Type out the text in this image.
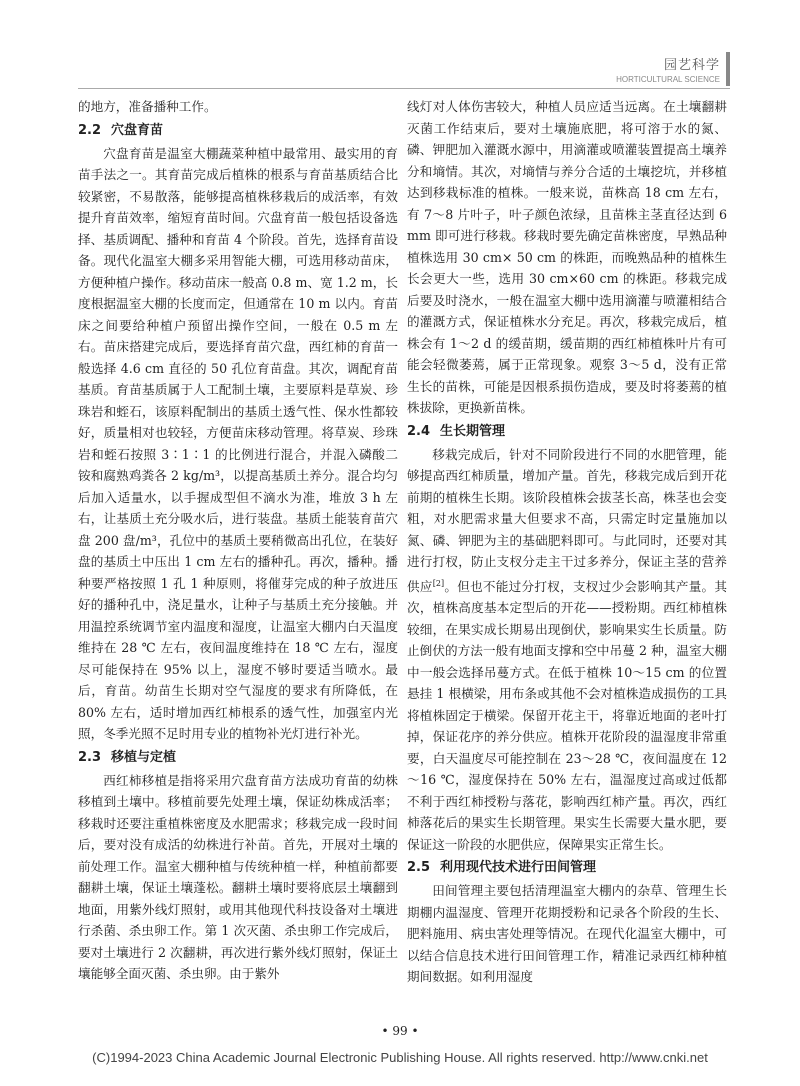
园艺科学
HORTICULTURAL SCIENCE

的地方，准备播种工作。

2.2 穴盘育苗

穴盘育苗是温室大棚蔬菜种植中最常用、最实用的育苗手法之一。其育苗完成后植株的根系与育苗基质结合比较紧密，不易散落，能够提高植株移栽后的成活率，有效提升育苗效率，缩短育苗时间。穴盘育苗一般包括设备选择、基质调配、播种和育苗 4 个阶段。首先，选择育苗设备。现代化温室大棚多采用智能大棚，可选用移动苗床，方便种植户操作。移动苗床一般高 0.8 m、宽 1.2 m，长度根据温室大棚的长度而定，但通常在 10 m 以内。育苗床之间要给种植户预留出操作空间，一般在 0.5 m 左右。苗床搭建完成后，要选择育苗穴盘，西红柿的育苗一般选择 4.6 cm 直径的 50 孔位育苗盘。其次，调配育苗基质。育苗基质属于人工配制土壤，主要原料是草炭、珍珠岩和蛭石，该原料配制出的基质土透气性、保水性都较好，质量相对也较轻，方便苗床移动管理。将草炭、珍珠岩和蛭石按照 3∶1∶1 的比例进行混合，并混入磷酸二铵和腐熟鸡粪各 2 kg/m³，以提高基质土养分。混合均匀后加入适量水，以手握成型但不滴水为准，堆放 3 h 左右，让基质土充分吸水后，进行装盘。基质土能装育苗穴盘 200 盘/m³，孔位中的基质土要稍微高出孔位，在装好盘的基质土中压出 1 cm 左右的播种孔。再次，播种。播种要严格按照 1 孔 1 种原则，将催芽完成的种子放进压好的播种孔中，浇足量水，让种子与基质土充分接触。并用温控系统调节室内温度和湿度，让温室大棚内白天温度维持在 28 ℃ 左右，夜间温度维持在 18 ℃ 左右，湿度尽可能保持在 95% 以上，湿度不够时要适当喷水。最后，育苗。幼苗生长期对空气湿度的要求有所降低，在 80% 左右，适时增加西红柿根系的透气性，加强室内光照，冬季光照不足时用专业的植物补光灯进行补光。

2.3 移植与定植

西红柿移植是指将采用穴盘育苗方法成功育苗的幼株移植到土壤中。移植前要先处理土壤，保证幼株成活率；移栽时还要注重植株密度及水肥需求；移栽完成一段时间后，要对没有成活的幼株进行补苗。首先，开展对土壤的前处理工作。温室大棚种植与传统种植一样，种植前都要翻耕土壤，保证土壤蓬松。翻耕土壤时要将底层土壤翻到地面，用紫外线灯照射，或用其他现代科技设备对土壤进行杀菌、杀虫卵工作。第 1 次灭菌、杀虫卵工作完成后，要对土壤进行 2 次翻耕，再次进行紫外线灯照射，保证土壤能够全面灭菌、杀虫卵。由于紫外

线灯对人体伤害较大，种植人员应适当远离。在土壤翻耕灭菌工作结束后，要对土壤施底肥，将可溶于水的氮、磷、钾肥加入灌溉水源中，用滴灌或喷灌装置提高土壤养分和墒情。其次，对墒情与养分合适的土壤挖坑，并移植达到移栽标准的植株。一般来说，苗株高 18 cm 左右，有 7～8 片叶子，叶子颜色浓绿，且苗株主茎直径达到 6 mm 即可进行移栽。移栽时要先确定苗株密度，早熟品种植株选用 30 cm× 50 cm 的株距，而晚熟品种的植株生长会更大一些，选用 30 cm×60 cm 的株距。移栽完成后要及时浇水，一般在温室大棚中选用滴灌与喷灌相结合的灌溉方式，保证植株水分充足。再次，移栽完成后，植株会有 1～2 d 的缓苗期，缓苗期的西红柿植株叶片有可能会轻微萎蔫，属于正常现象。观察 3～5 d，没有正常生长的苗株，可能是因根系损伤造成，要及时将萎蔫的植株拔除，更换新苗株。

2.4 生长期管理

移栽完成后，针对不同阶段进行不同的水肥管理，能够提高西红柿质量，增加产量。首先，移栽完成后到开花前期的植株生长期。该阶段植株会拔茎长高，株茎也会变粗，对水肥需求量大但要求不高，只需定时定量施加以氮、磷、钾肥为主的基础肥料即可。与此同时，还要对其进行打杈，防止支杈分走主干过多养分，保证主茎的营养供应[2]。但也不能过分打杈，支杈过少会影响其产量。其次，植株高度基本定型后的开花——授粉期。西红柿植株较细，在果实成长期易出现倒伏，影响果实生长质量。防止倒伏的方法一般有地面支撑和空中吊蔓 2 种，温室大棚中一般会选择吊蔓方式。在低于植株 10～15 cm 的位置悬挂 1 根横梁，用布条或其他不会对植株造成损伤的工具将植株固定于横梁。保留开花主干，将靠近地面的老叶打掉，保证花序的养分供应。植株开花阶段的温湿度非常重要，白天温度尽可能控制在 23～28 ℃，夜间温度在 12～16 ℃，湿度保持在 50% 左右，温湿度过高或过低都不利于西红柿授粉与落花，影响西红柿产量。再次，西红柿落花后的果实生长期管理。果实生长需要大量水肥，要保证这一阶段的水肥供应，保障果实正常生长。

2.5 利用现代技术进行田间管理

田间管理主要包括清理温室大棚内的杂草、管理生长期棚内温湿度、管理开花期授粉和记录各个阶段的生长、肥料施用、病虫害处理等情况。在现代化温室大棚中，可以结合信息技术进行田间管理工作，精准记录西红柿种植期间数据。如利用湿度

• 99 •
(C)1994-2023 China Academic Journal Electronic Publishing House. All rights reserved. http://www.cnki.net
